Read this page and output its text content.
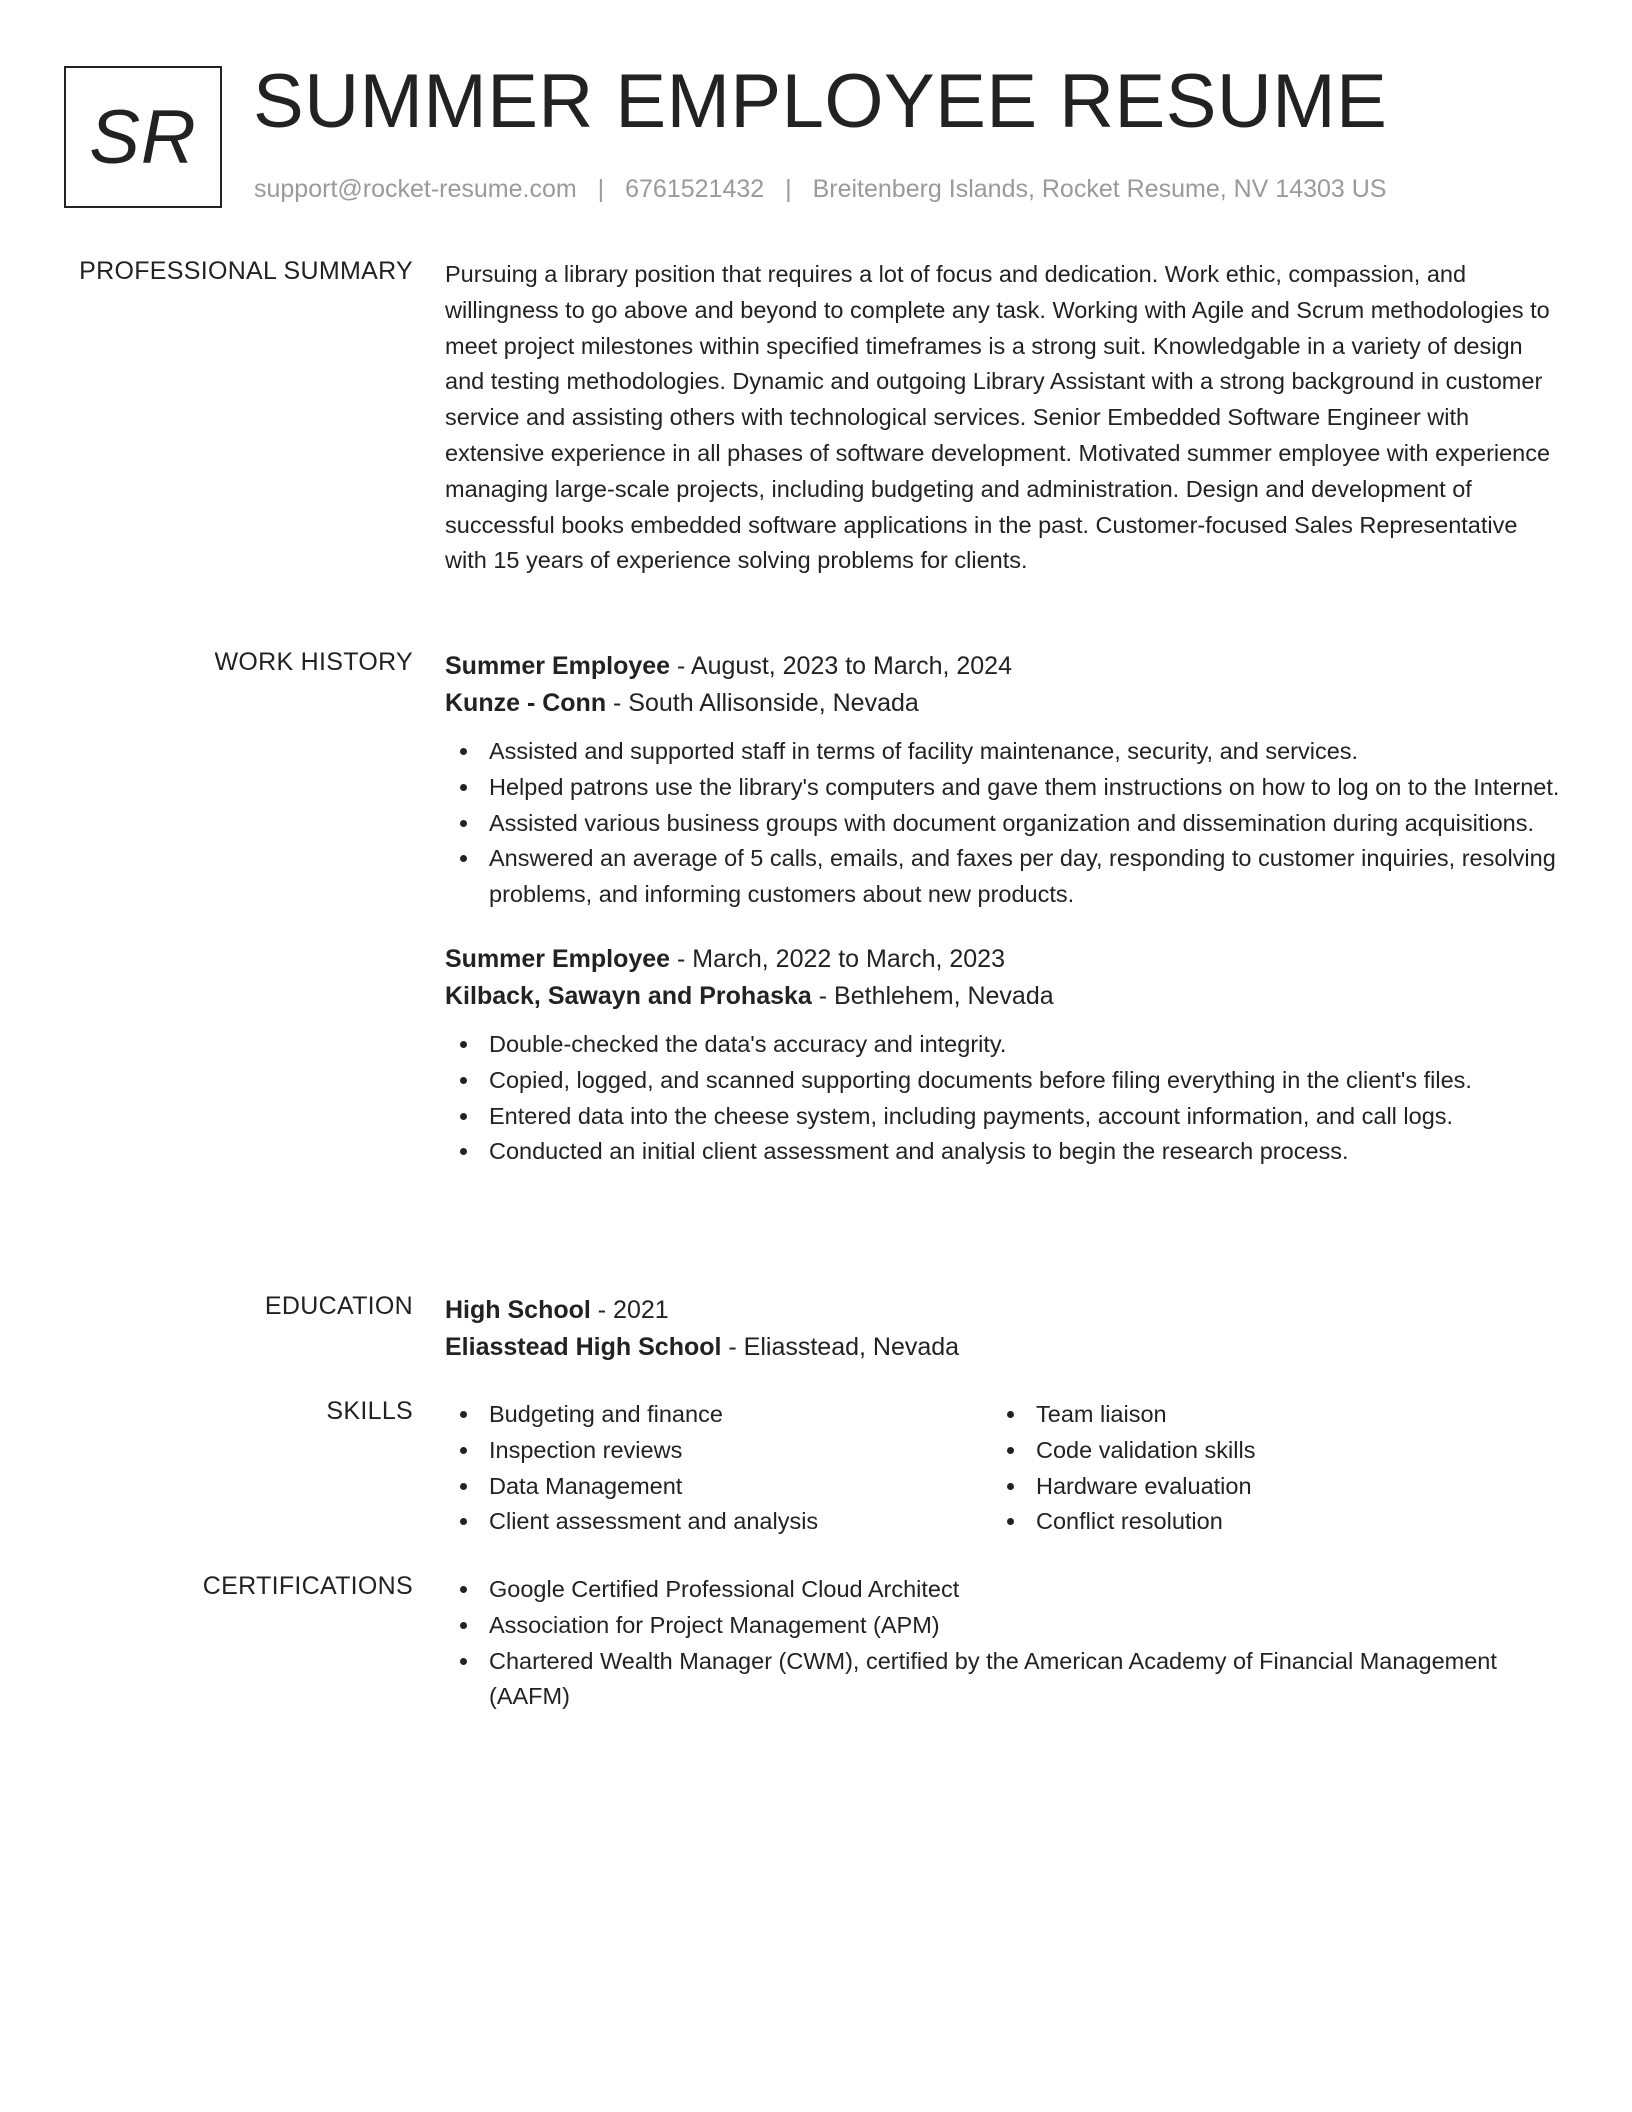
SR SUMMER EMPLOYEE RESUME
support@rocket-resume.com | 6761521432 | Breitenberg Islands, Rocket Resume, NV 14303 US
PROFESSIONAL SUMMARY Pursuing a library position that requires a lot of focus and dedication. Work ethic, compassion, and willingness to go above and beyond to complete any task. Working with Agile and Scrum methodologies to meet project milestones within specified timeframes is a strong suit. Knowledgable in a variety of design and testing methodologies. Dynamic and outgoing Library Assistant with a strong background in customer service and assisting others with technological services. Senior Embedded Software Engineer with extensive experience in all phases of software development. Motivated summer employee with experience managing large-scale projects, including budgeting and administration. Design and development of successful books embedded software applications in the past. Customer-focused Sales Representative with 15 years of experience solving problems for clients.

WORK HISTORY Summer Employee - August, 2023 to March, 2024
Kunze - Conn - South Allisonside, Nevada
Assisted and supported staff in terms of facility maintenance, security, and services.
Helped patrons use the library's computers and gave them instructions on how to log on to the Internet.
Assisted various business groups with document organization and dissemination during acquisitions.
Answered an average of 5 calls, emails, and faxes per day, responding to customer inquiries, resolving problems, and informing customers about new products.
Summer Employee - March, 2022 to March, 2023
Kilback, Sawayn and Prohaska - Bethlehem, Nevada
Double-checked the data's accuracy and integrity.
Copied, logged, and scanned supporting documents before filing everything in the client's files.
Entered data into the cheese system, including payments, account information, and call logs.
Conducted an initial client assessment and analysis to begin the research process.
EDUCATION High School - 2021
Eliasstead High School - Eliasstead, Nevada
SKILLS	Budgeting and finance
Inspection reviews
Data Management
Client assessment and analysis
Team liaison
Code validation skills
Hardware evaluation
Conflict resolution
CERTIFICATIONS	Google Certified Professional Cloud Architect
Association for Project Management (APM)
Chartered Wealth Manager (CWM), certified by the American Academy of Financial Management (AAFM)
